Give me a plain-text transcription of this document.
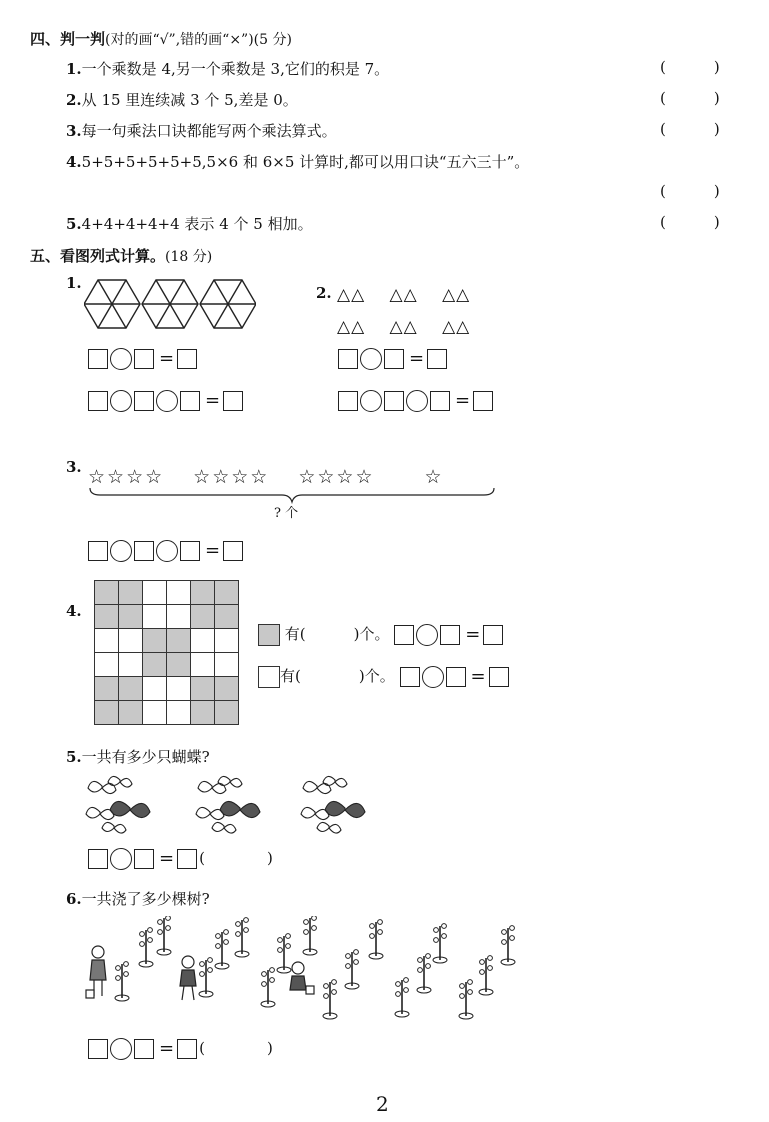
四、判一判(对的画“√”,错的画“×”)(5 分)
1.一个乘数是 4,另一个乘数是 3,它们的积是 7。	(	)
2.从 15 里连续减 3 个 5,差是 0。	(	)
3.每一句乘法口诀都能写两个乘法算式。	(	)
4.5+5+5+5+5+5,5×6 和 6×5 计算时,都可以用口诀“五六三十”。
(	)
5.4+4+4+4+4 表示 4 个 5 相加。	(	)
五、看图列式计算。(18 分)
1.
=
=
2. △△　 △△　 △△
△△　 △△　 △△
=
=
3. ☆☆☆☆　 ☆☆☆☆　 ☆☆☆☆　　 ☆
? 个
=
4.

有(	)个。	=
有(	)个。	=
5.一共有多少只蝴蝶?
= (	)
6.一共浇了多少棵树?
= (	)
2
